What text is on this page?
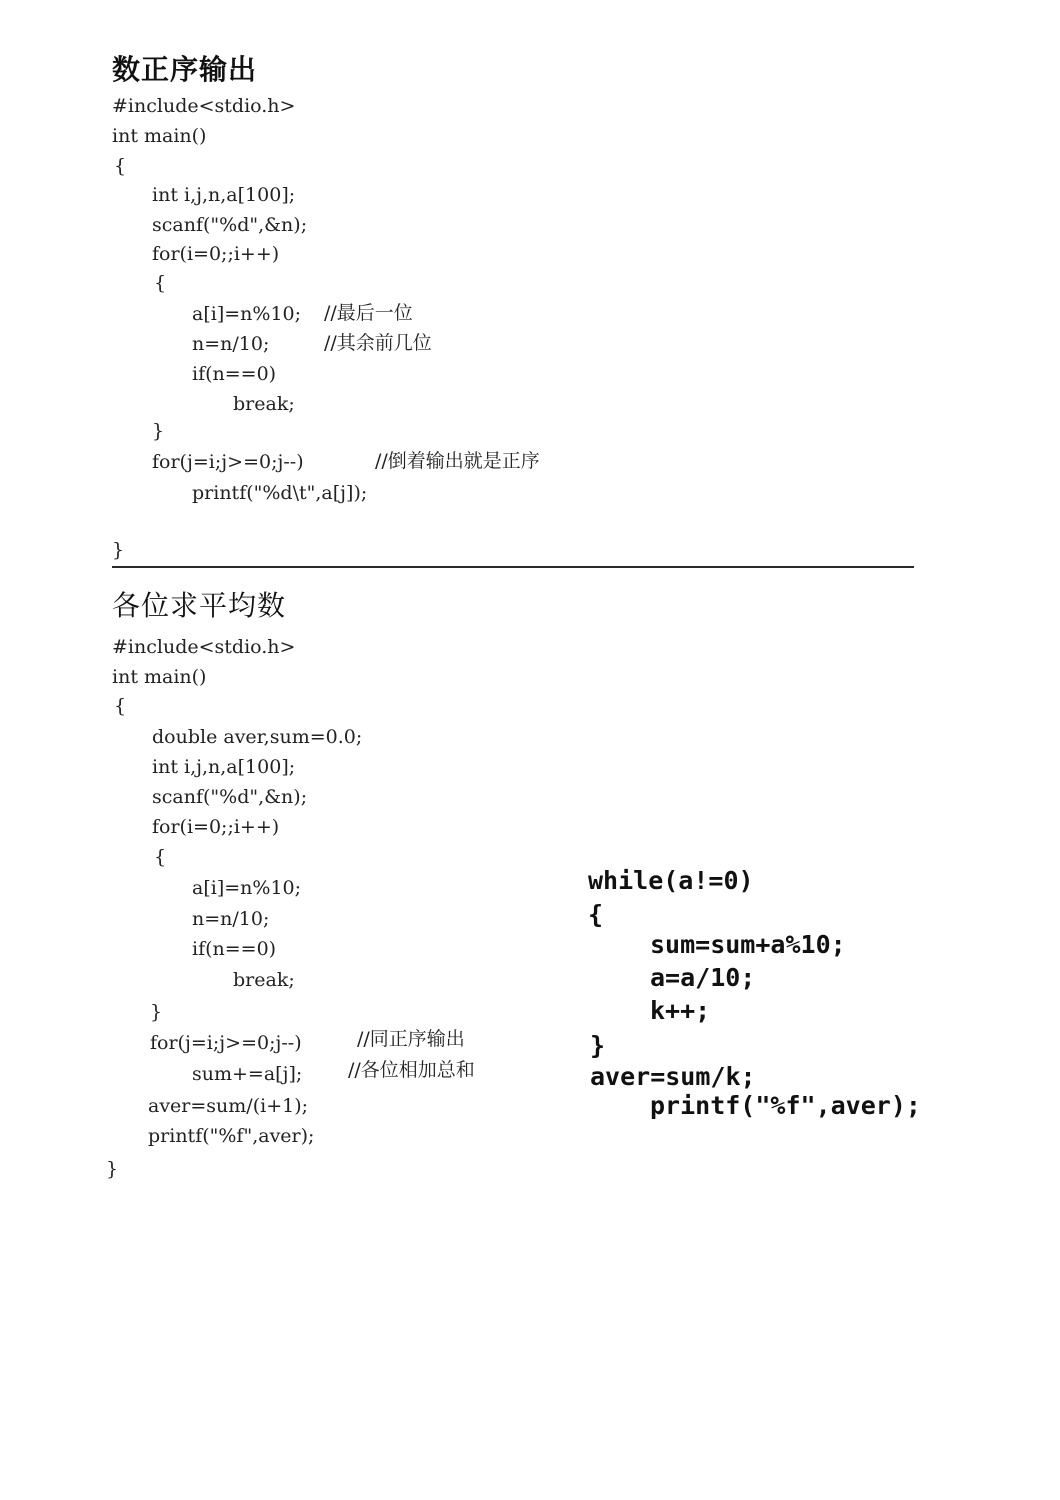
数正序输出
#include<stdio.h>
int main()
{
int i,j,n,a[100];
scanf("%d",&n);
for(i=0;;i++)
{
a[i]=n%10; //最后一位
n=n/10;	//其余前几位
if(n==0)
break;
}
for(j=i;j>=0;j--)	//倒着输出就是正序
printf("%d\t",a[j]);
}
各位求平均数
#include<stdio.h>
int main()
{
double aver,sum=0.0;
int i,j,n,a[100];
scanf("%d",&n);
for(i=0;;i++)
{
a[i]=n%10;
n=n/10;
if(n==0)
break;
}
for(j=i;j>=0;j--)	//同正序输出
sum+=a[j]; //各位相加总和
aver=sum/(i+1);
printf("%f",aver);
}
while(a!=0)
{
sum=sum+a%10;
a=a/10;
k++;
}
aver=sum/k;
printf("%f",aver);
